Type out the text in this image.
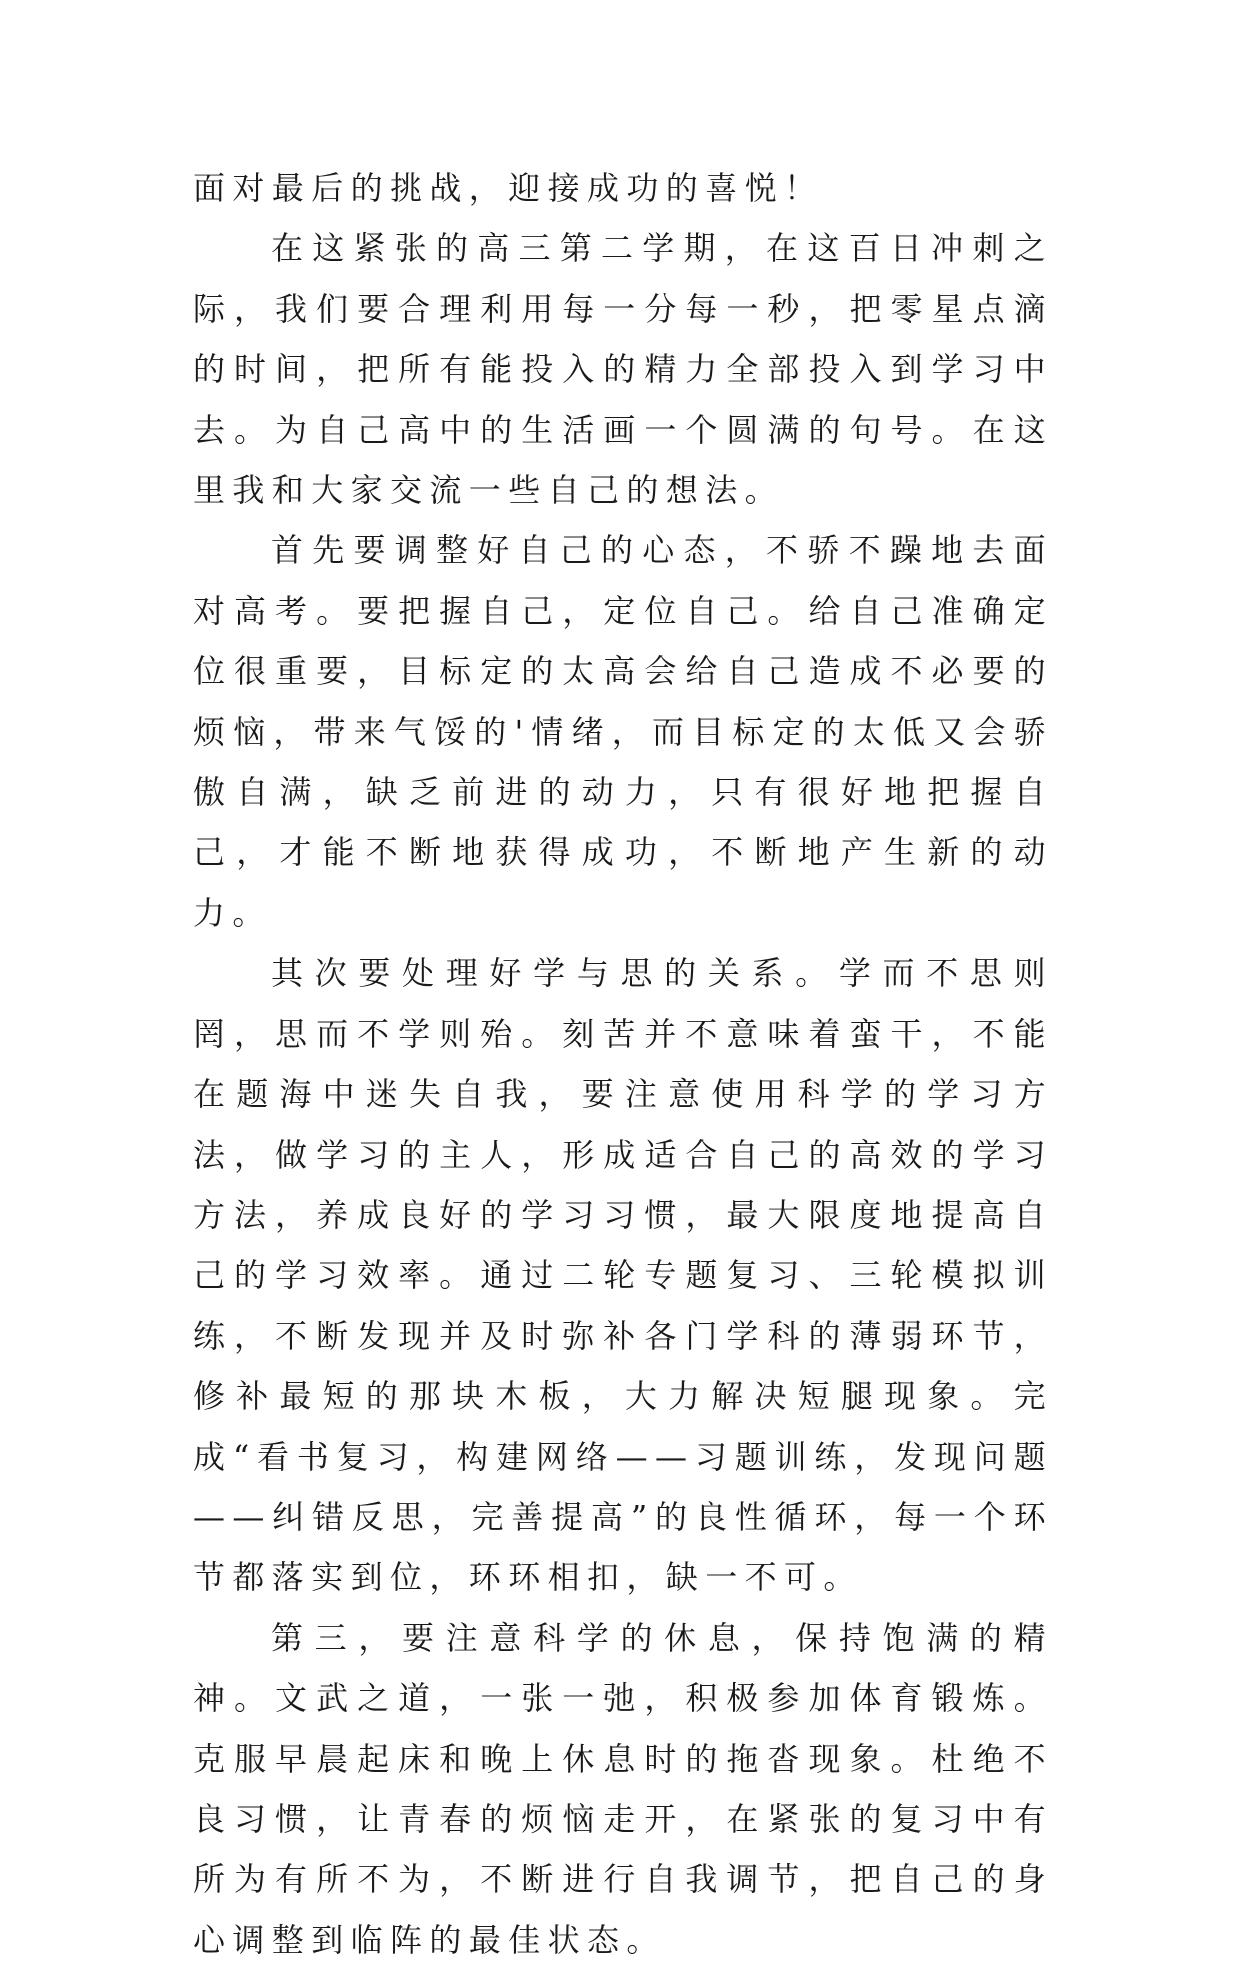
面对最后的挑战，迎接成功的喜悦！

在这紧张的高三第二学期，在这百日冲刺之际，我们要合理利用每一分每一秒，把零星点滴的时间，把所有能投入的精力全部投入到学习中去。为自己高中的生活画一个圆满的句号。在这里我和大家交流一些自己的想法。

首先要调整好自己的心态，不骄不躁地去面对高考。要把握自己，定位自己。给自己准确定位很重要，目标定的太高会给自己造成不必要的烦恼，带来气馁的'情绪，而目标定的太低又会骄傲自满，缺乏前进的动力，只有很好地把握自己，才能不断地获得成功，不断地产生新的动力。

其次要处理好学与思的关系。学而不思则罔，思而不学则殆。刻苦并不意味着蛮干，不能在题海中迷失自我，要注意使用科学的学习方法，做学习的主人，形成适合自己的高效的学习方法，养成良好的学习习惯，最大限度地提高自己的学习效率。通过二轮专题复习、三轮模拟训练，不断发现并及时弥补各门学科的薄弱环节，修补最短的那块木板，大力解决短腿现象。完成“看书复习，构建网络——习题训练，发现问题——纠错反思，完善提高”的良性循环，每一个环节都落实到位，环环相扣，缺一不可。

第三，要注意科学的休息，保持饱满的精神。文武之道，一张一弛，积极参加体育锻炼。克服早晨起床和晚上休息时的拖沓现象。杜绝不良习惯，让青春的烦恼走开，在紧张的复习中有所为有所不为，不断进行自我调节，把自己的身心调整到临阵的最佳状态。
